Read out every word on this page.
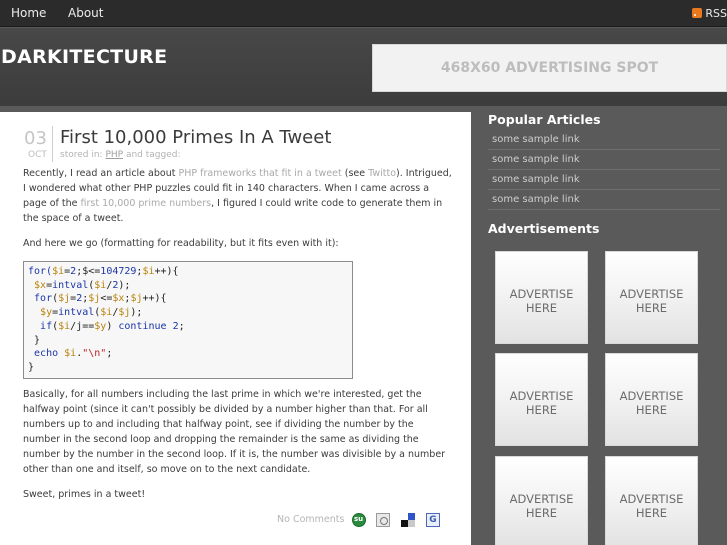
Home About	RSS
DARKITECTURE	468X60 ADVERTISING SPOT
03
OCT
First 10,000 Primes In A Tweet
stored in: PHP and tagged:
Recently, I read an article about PHP frameworks that fit in a tweet (see Twitto). Intrigued, I wondered what other PHP puzzles could fit in 140 characters. When I came across a page of the first 10,000 prime numbers, I figured I could write code to generate them in the space of a tweet.
And here we go (formatting for readability, but it fits even with it):
for($i=2;$<=104729;$i++){
$x=intval($i/2);
for($j=2;$j<=$x;$j++){
$y=intval($i/$j);
if($i/j==$y) continue 2;
}
echo $i."\n";
}
Basically, for all numbers including the last prime in which we're interested, get the halfway point (since it can't possibly be divided by a number higher than that. For all numbers up to and including that halfway point, see if dividing the number by the number in the second loop and dropping the remainder is the same as dividing the number by the number in the second loop. If it is, the number was divisible by a number other than one and itself, so move on to the next candidate.
Sweet, primes in a tweet!
No Comments
su	G
Popular Articles
some sample link
some sample link
some sample link
some sample link
Advertisements
ADVERTISE
HERE
ADVERTISE
HERE
ADVERTISE
HERE
ADVERTISE
HERE
ADVERTISE
HERE
ADVERTISE
HERE
